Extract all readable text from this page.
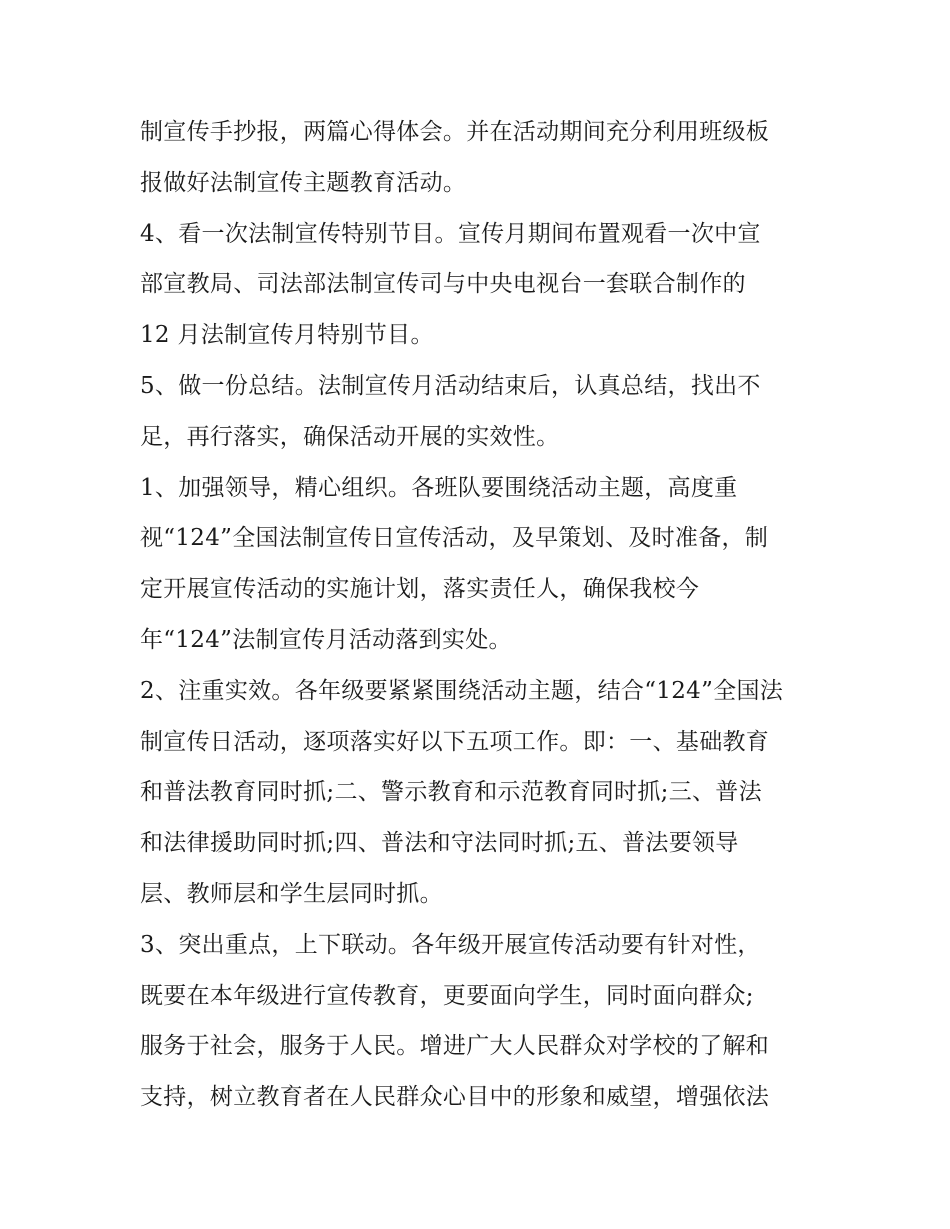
制宣传手抄报，两篇心得体会。并在活动期间充分利用班级板
报做好法制宣传主题教育活动。
4、看一次法制宣传特别节目。宣传月期间布置观看一次中宣
部宣教局、司法部法制宣传司与中央电视台一套联合制作的
12 月法制宣传月特别节目。
5、做一份总结。法制宣传月活动结束后，认真总结，找出不
足，再行落实，确保活动开展的实效性。
1、加强领导，精心组织。各班队要围绕活动主题，高度重
视“124”全国法制宣传日宣传活动，及早策划、及时准备，制
定开展宣传活动的实施计划，落实责任人，确保我校今
年“124”法制宣传月活动落到实处。
2、注重实效。各年级要紧紧围绕活动主题，结合“124”全国法
制宣传日活动，逐项落实好以下五项工作。即：一、基础教育
和普法教育同时抓;二、警示教育和示范教育同时抓;三、普法
和法律援助同时抓;四、普法和守法同时抓;五、普法要领导
层、教师层和学生层同时抓。
3、突出重点，上下联动。各年级开展宣传活动要有针对性，
既要在本年级进行宣传教育，更要面向学生，同时面向群众;
服务于社会，服务于人民。增进广大人民群众对学校的了解和
支持，树立教育者在人民群众心目中的形象和威望，增强依法
